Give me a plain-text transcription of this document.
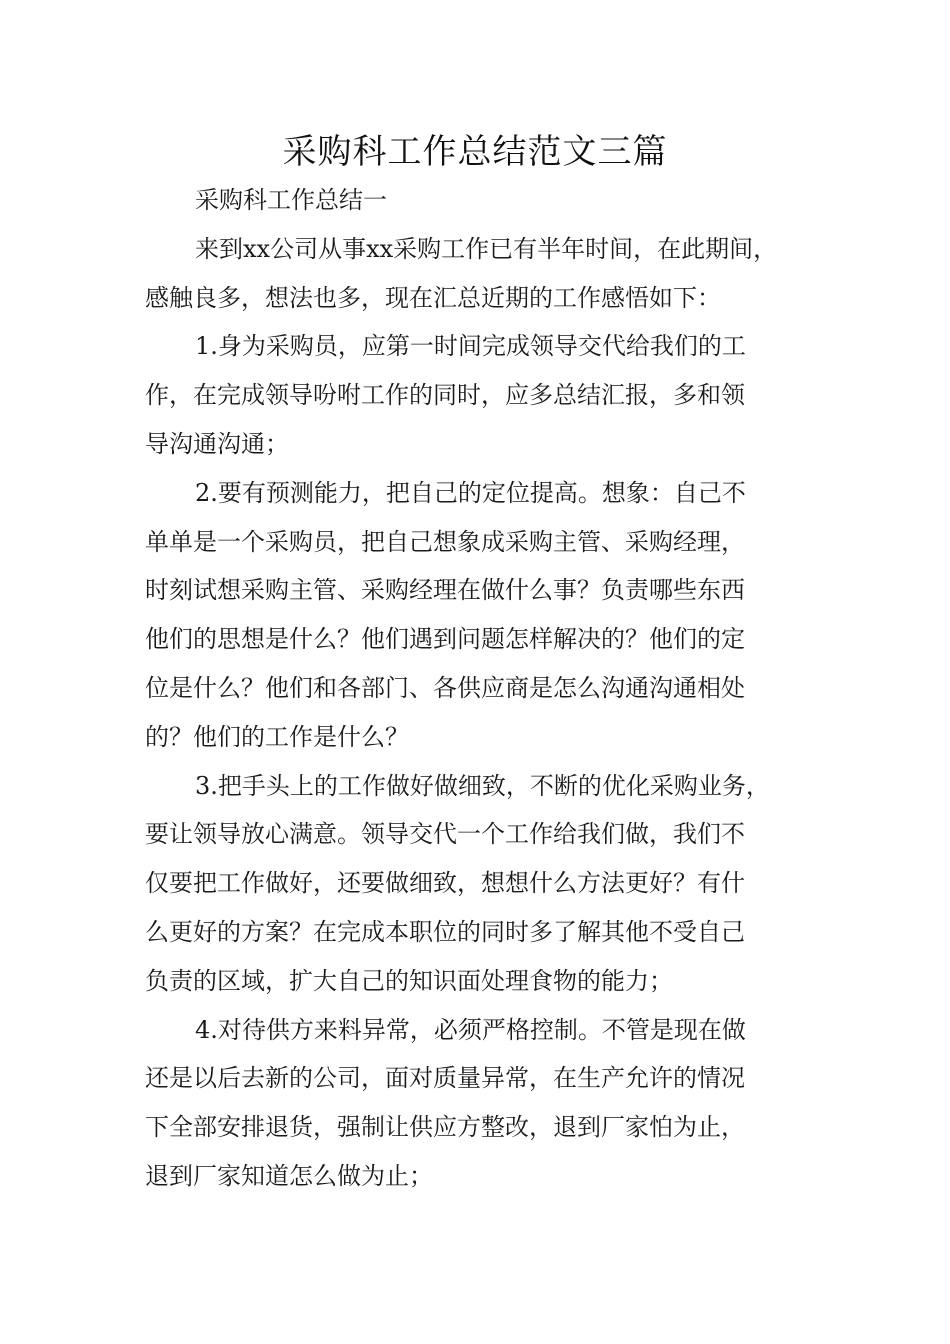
采购科工作总结范文三篇

采购科工作总结一

来到xx公司从事xx采购工作已有半年时间，在此期间，
感触良多，想法也多，现在汇总近期的工作感悟如下：

1.身为采购员，应第一时间完成领导交代给我们的工
作，在完成领导吩咐工作的同时，应多总结汇报，多和领
导沟通沟通；

2.要有预测能力，把自己的定位提高。想象：自己不
单单是一个采购员，把自己想象成采购主管、采购经理，
时刻试想采购主管、采购经理在做什么事？负责哪些东西
他们的思想是什么？他们遇到问题怎样解决的？他们的定
位是什么？他们和各部门、各供应商是怎么沟通沟通相处
的？他们的工作是什么？

3.把手头上的工作做好做细致，不断的优化采购业务，
要让领导放心满意。领导交代一个工作给我们做，我们不
仅要把工作做好，还要做细致，想想什么方法更好？有什
么更好的方案？在完成本职位的同时多了解其他不受自己
负责的区域，扩大自己的知识面处理食物的能力；

4.对待供方来料异常，必须严格控制。不管是现在做
还是以后去新的公司，面对质量异常，在生产允许的情况
下全部安排退货，强制让供应方整改，退到厂家怕为止，
退到厂家知道怎么做为止；
